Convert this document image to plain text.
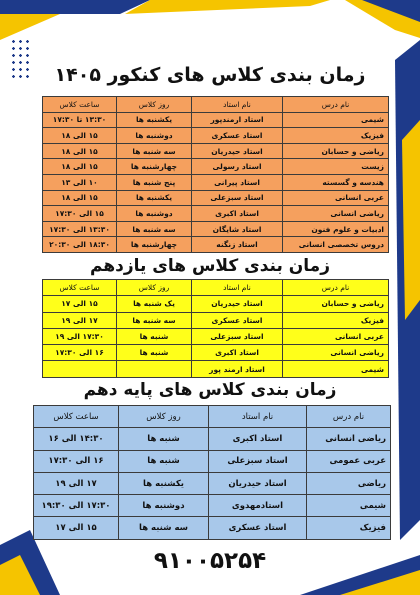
زمان بندی کلاس های کنکور ۱۴۰۵
نام درس	نام استاد	روز کلاس	ساعت کلاس
شیمی	استاد ارمندپور	یکشنبه ها	۱۳:۳۰ تا ۱۷:۳۰
فیزیک	استاد عسکری	دوشنبه ها	۱۵ الی ۱۸
ریاضی و حسابان	استاد حیدریان	سه شنبه ها	۱۵ الی ۱۸
زیست	استاد رسولی	چهارشنبه ها	۱۵ الی ۱۸
هندسه و گسسته	استاد پیرانی	پنج شنبه ها	۱۰ الی ۱۳
عربی انسانی	استاد سبزعلی	یکشنبه ها	۱۵ الی ۱۸
ریاضی انسانی	استاد اکبری	دوشنبه ها	۱۵ الی ۱۷:۳۰
ادبیات و علوم فنون	استاد شایگان	سه شنبه ها	۱۳:۳۰ الی ۱۷:۳۰
دروس تخصصی انسانی	استاد زنگنه	چهارشنبه ها	۱۸:۳۰ الی ۲۰:۳۰
زمان بندی کلاس های یازدهم
نام درس	نام استاد	روز کلاس	ساعت کلاس
ریاضی و حسابان	استاد حیدریان	یک شنبه ها	۱۵ الی ۱۷
فیزیک	استاد عسکری	سه شنبه ها	۱۷ الی ۱۹
عربی انسانی	استاد سبزعلی	شنبه ها	۱۷:۳۰ الی ۱۹
ریاضی انسانی	استاد اکبری	شنبه ها	۱۶ الی ۱۷:۳۰
شیمی	استاد ارمند پور		
زمان بندی کلاس های پایه دهم
نام درس	نام استاد	روز کلاس	ساعت کلاس
ریاضی انسانی	استاد اکبری	شنبه ها	۱۴:۳۰ الی ۱۶
عربی عمومی	استاد سبزعلی	شنبه ها	۱۶ الی ۱۷:۳۰
ریاضی	استاد حیدریان	یکشنبه ها	۱۷ الی ۱۹
شیمی	استادمهدوی	دوشنبه ها	۱۷:۳۰ الی ۱۹:۳۰
فیزیک	استاد عسکری	سه شنبه ها	۱۵ الی ۱۷
۹۱۰۰۵۲۵۴
